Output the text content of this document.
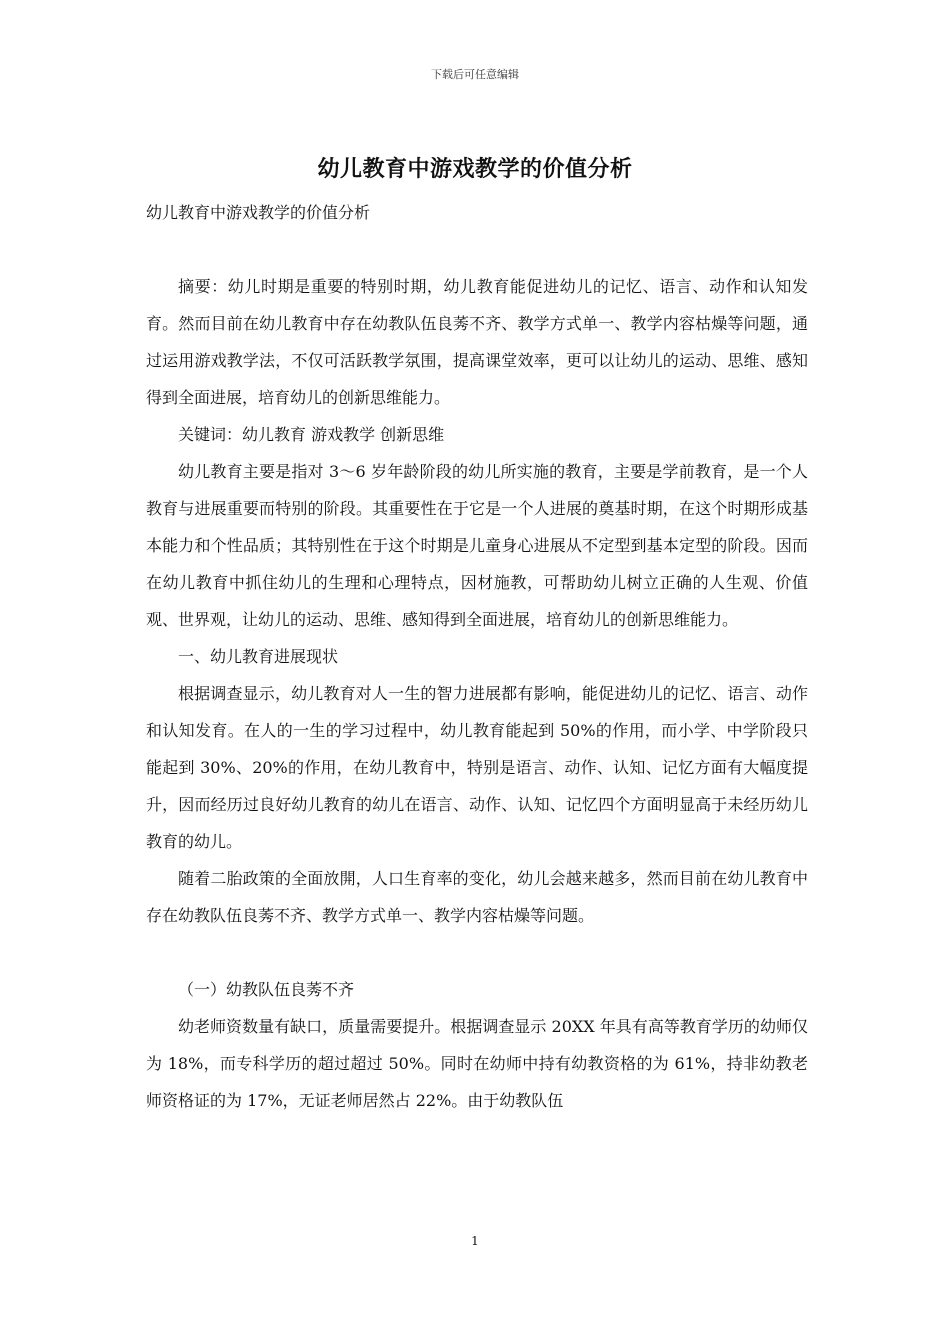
下载后可任意编辑
幼儿教育中游戏教学的价值分析
幼儿教育中游戏教学的价值分析

摘要：幼儿时期是重要的特别时期，幼儿教育能促进幼儿的记忆、语言、动作和认知发育。然而目前在幼儿教育中存在幼教队伍良莠不齐、教学方式单一、教学内容枯燥等问题，通过运用游戏教学法，不仅可活跃教学氛围，提高课堂效率，更可以让幼儿的运动、思维、感知得到全面进展，培育幼儿的创新思维能力。

关键词：幼儿教育 游戏教学 创新思维

幼儿教育主要是指对 3～6 岁年龄阶段的幼儿所实施的教育，主要是学前教育，是一个人教育与进展重要而特别的阶段。其重要性在于它是一个人进展的奠基时期，在这个时期形成基本能力和个性品质；其特别性在于这个时期是儿童身心进展从不定型到基本定型的阶段。因而在幼儿教育中抓住幼儿的生理和心理特点，因材施教，可帮助幼儿树立正确的人生观、价值观、世界观，让幼儿的运动、思维、感知得到全面进展，培育幼儿的创新思维能力。

一、幼儿教育进展现状

根据调查显示，幼儿教育对人一生的智力进展都有影响，能促进幼儿的记忆、语言、动作和认知发育。在人的一生的学习过程中，幼儿教育能起到 50%的作用，而小学、中学阶段只能起到 30%、20%的作用，在幼儿教育中，特别是语言、动作、认知、记忆方面有大幅度提升，因而经历过良好幼儿教育的幼儿在语言、动作、认知、记忆四个方面明显高于未经历幼儿教育的幼儿。

随着二胎政策的全面放開，人口生育率的变化，幼儿会越来越多，然而目前在幼儿教育中存在幼教队伍良莠不齐、教学方式单一、教学内容枯燥等问题。

（一）幼教队伍良莠不齐

幼老师资数量有缺口，质量需要提升。根据调查显示 20XX 年具有高等教育学历的幼师仅为 18%，而专科学历的超过超过 50%。同时在幼师中持有幼教资格的为 61%，持非幼教老师资格证的为 17%，无证老师居然占 22%。由于幼教队伍

1
